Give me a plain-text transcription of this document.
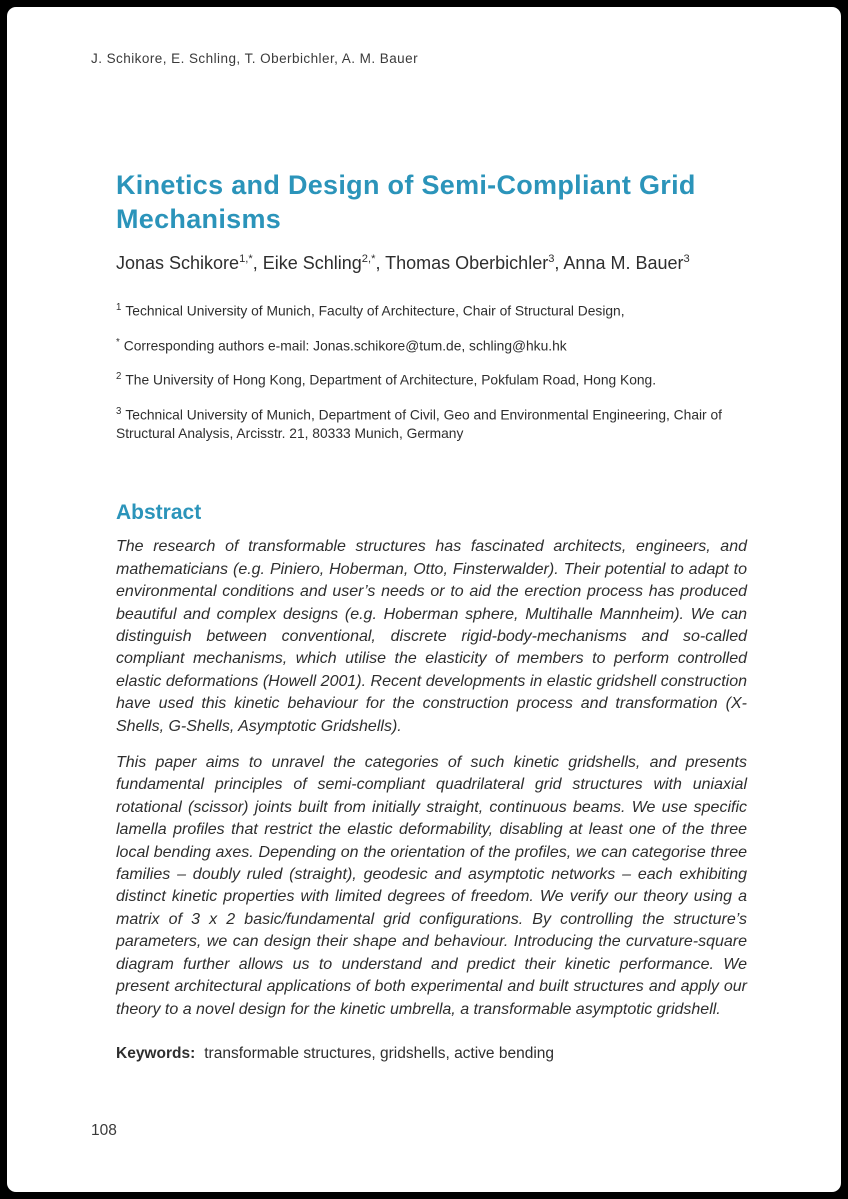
J. Schikore, E. Schling, T. Oberbichler, A. M. Bauer
Kinetics and Design of Semi-Compliant Grid
Mechanisms
Jonas Schikore$^{1,*}$, Eike Schling$^{2,*}$, Thomas Oberbichler$^3$, Anna M. Bauer$^3$
$^1$ Technical University of Munich, Faculty of Architecture, Chair of Structural Design,
* Corresponding authors e-mail: Jonas.schikore@tum.de, schling@hku.hk
$^2$ The University of Hong Kong, Department of Architecture, Pokfulam Road, Hong Kong.
$^3$ Technical University of Munich, Department of Civil, Geo and Environmental Engineering, Chair of Structural Analysis, Arcisstr. 21, 80333 Munich, Germany
Abstract

The research of transformable structures has fascinated architects, engineers, and mathematicians (e.g. Piniero, Hoberman, Otto, Finsterwalder). Their potential to adapt to environmental conditions and user’s needs or to aid the erection process has produced beautiful and complex designs (e.g. Hoberman sphere, Multihalle Mannheim). We can distinguish between conventional, discrete rigid-body-mechanisms and so-called compliant mechanisms, which utilise the elasticity of members to perform controlled elastic deformations (Howell 2001). Recent developments in elastic gridshell construction have used this kinetic behaviour for the construction process and transformation (X-Shells, G-Shells, Asymptotic Gridshells).

This paper aims to unravel the categories of such kinetic gridshells, and presents fundamental principles of semi-compliant quadrilateral grid structures with uniaxial rotational (scissor) joints built from initially straight, continuous beams. We use specific lamella profiles that restrict the elastic deformability, disabling at least one of the three local bending axes. Depending on the orientation of the profiles, we can categorise three families – doubly ruled (straight), geodesic and asymptotic networks – each exhibiting distinct kinetic properties with limited degrees of freedom. We verify our theory using a matrix of 3 x 2 basic/fundamental grid configurations. By controlling the structure’s parameters, we can design their shape and behaviour. Introducing the curvature-square diagram further allows us to understand and predict their kinetic performance. We present architectural applications of both experimental and built structures and apply our theory to a novel design for the kinetic umbrella, a transformable asymptotic gridshell.

Keywords: transformable structures, gridshells, active bending
108
